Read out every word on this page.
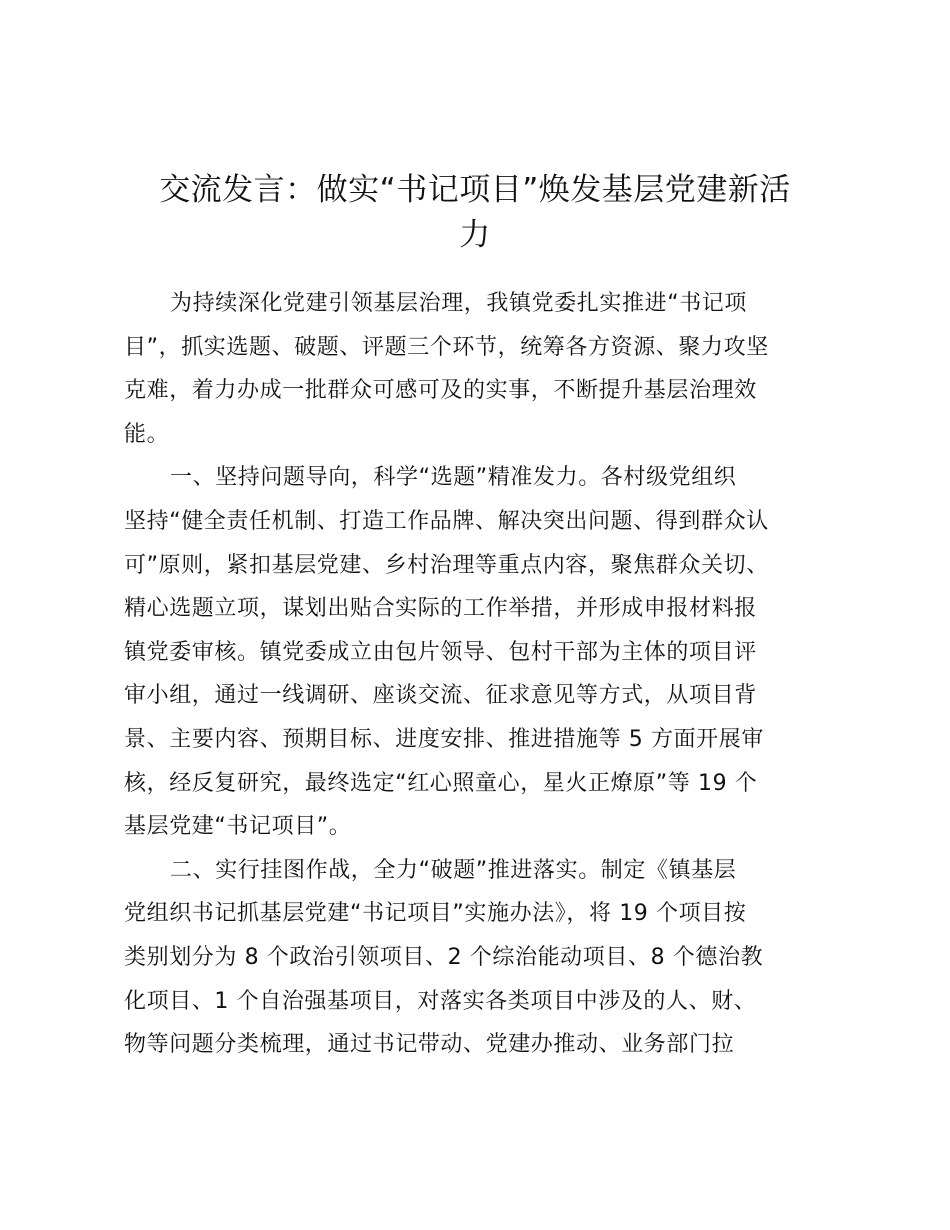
交流发言：做实“书记项目”焕发基层党建新活
力
为持续深化党建引领基层治理，我镇党委扎实推进“书记项
目”，抓实选题、破题、评题三个环节，统筹各方资源、聚力攻坚
克难，着力办成一批群众可感可及的实事，不断提升基层治理效
能。
一、坚持问题导向，科学“选题”精准发力。各村级党组织
坚持“健全责任机制、打造工作品牌、解决突出问题、得到群众认
可”原则，紧扣基层党建、乡村治理等重点内容，聚焦群众关切、
精心选题立项，谋划出贴合实际的工作举措，并形成申报材料报
镇党委审核。镇党委成立由包片领导、包村干部为主体的项目评
审小组，通过一线调研、座谈交流、征求意见等方式，从项目背
景、主要内容、预期目标、进度安排、推进措施等 5 方面开展审
核，经反复研究，最终选定“红心照童心，星火正燎原”等 19 个
基层党建“书记项目”。
二、实行挂图作战，全力“破题”推进落实。制定《镇基层
党组织书记抓基层党建“书记项目”实施办法》，将 19 个项目按
类别划分为 8 个政治引领项目、2 个综治能动项目、8 个德治教
化项目、1 个自治强基项目，对落实各类项目中涉及的人、财、
物等问题分类梳理，通过书记带动、党建办推动、业务部门拉
